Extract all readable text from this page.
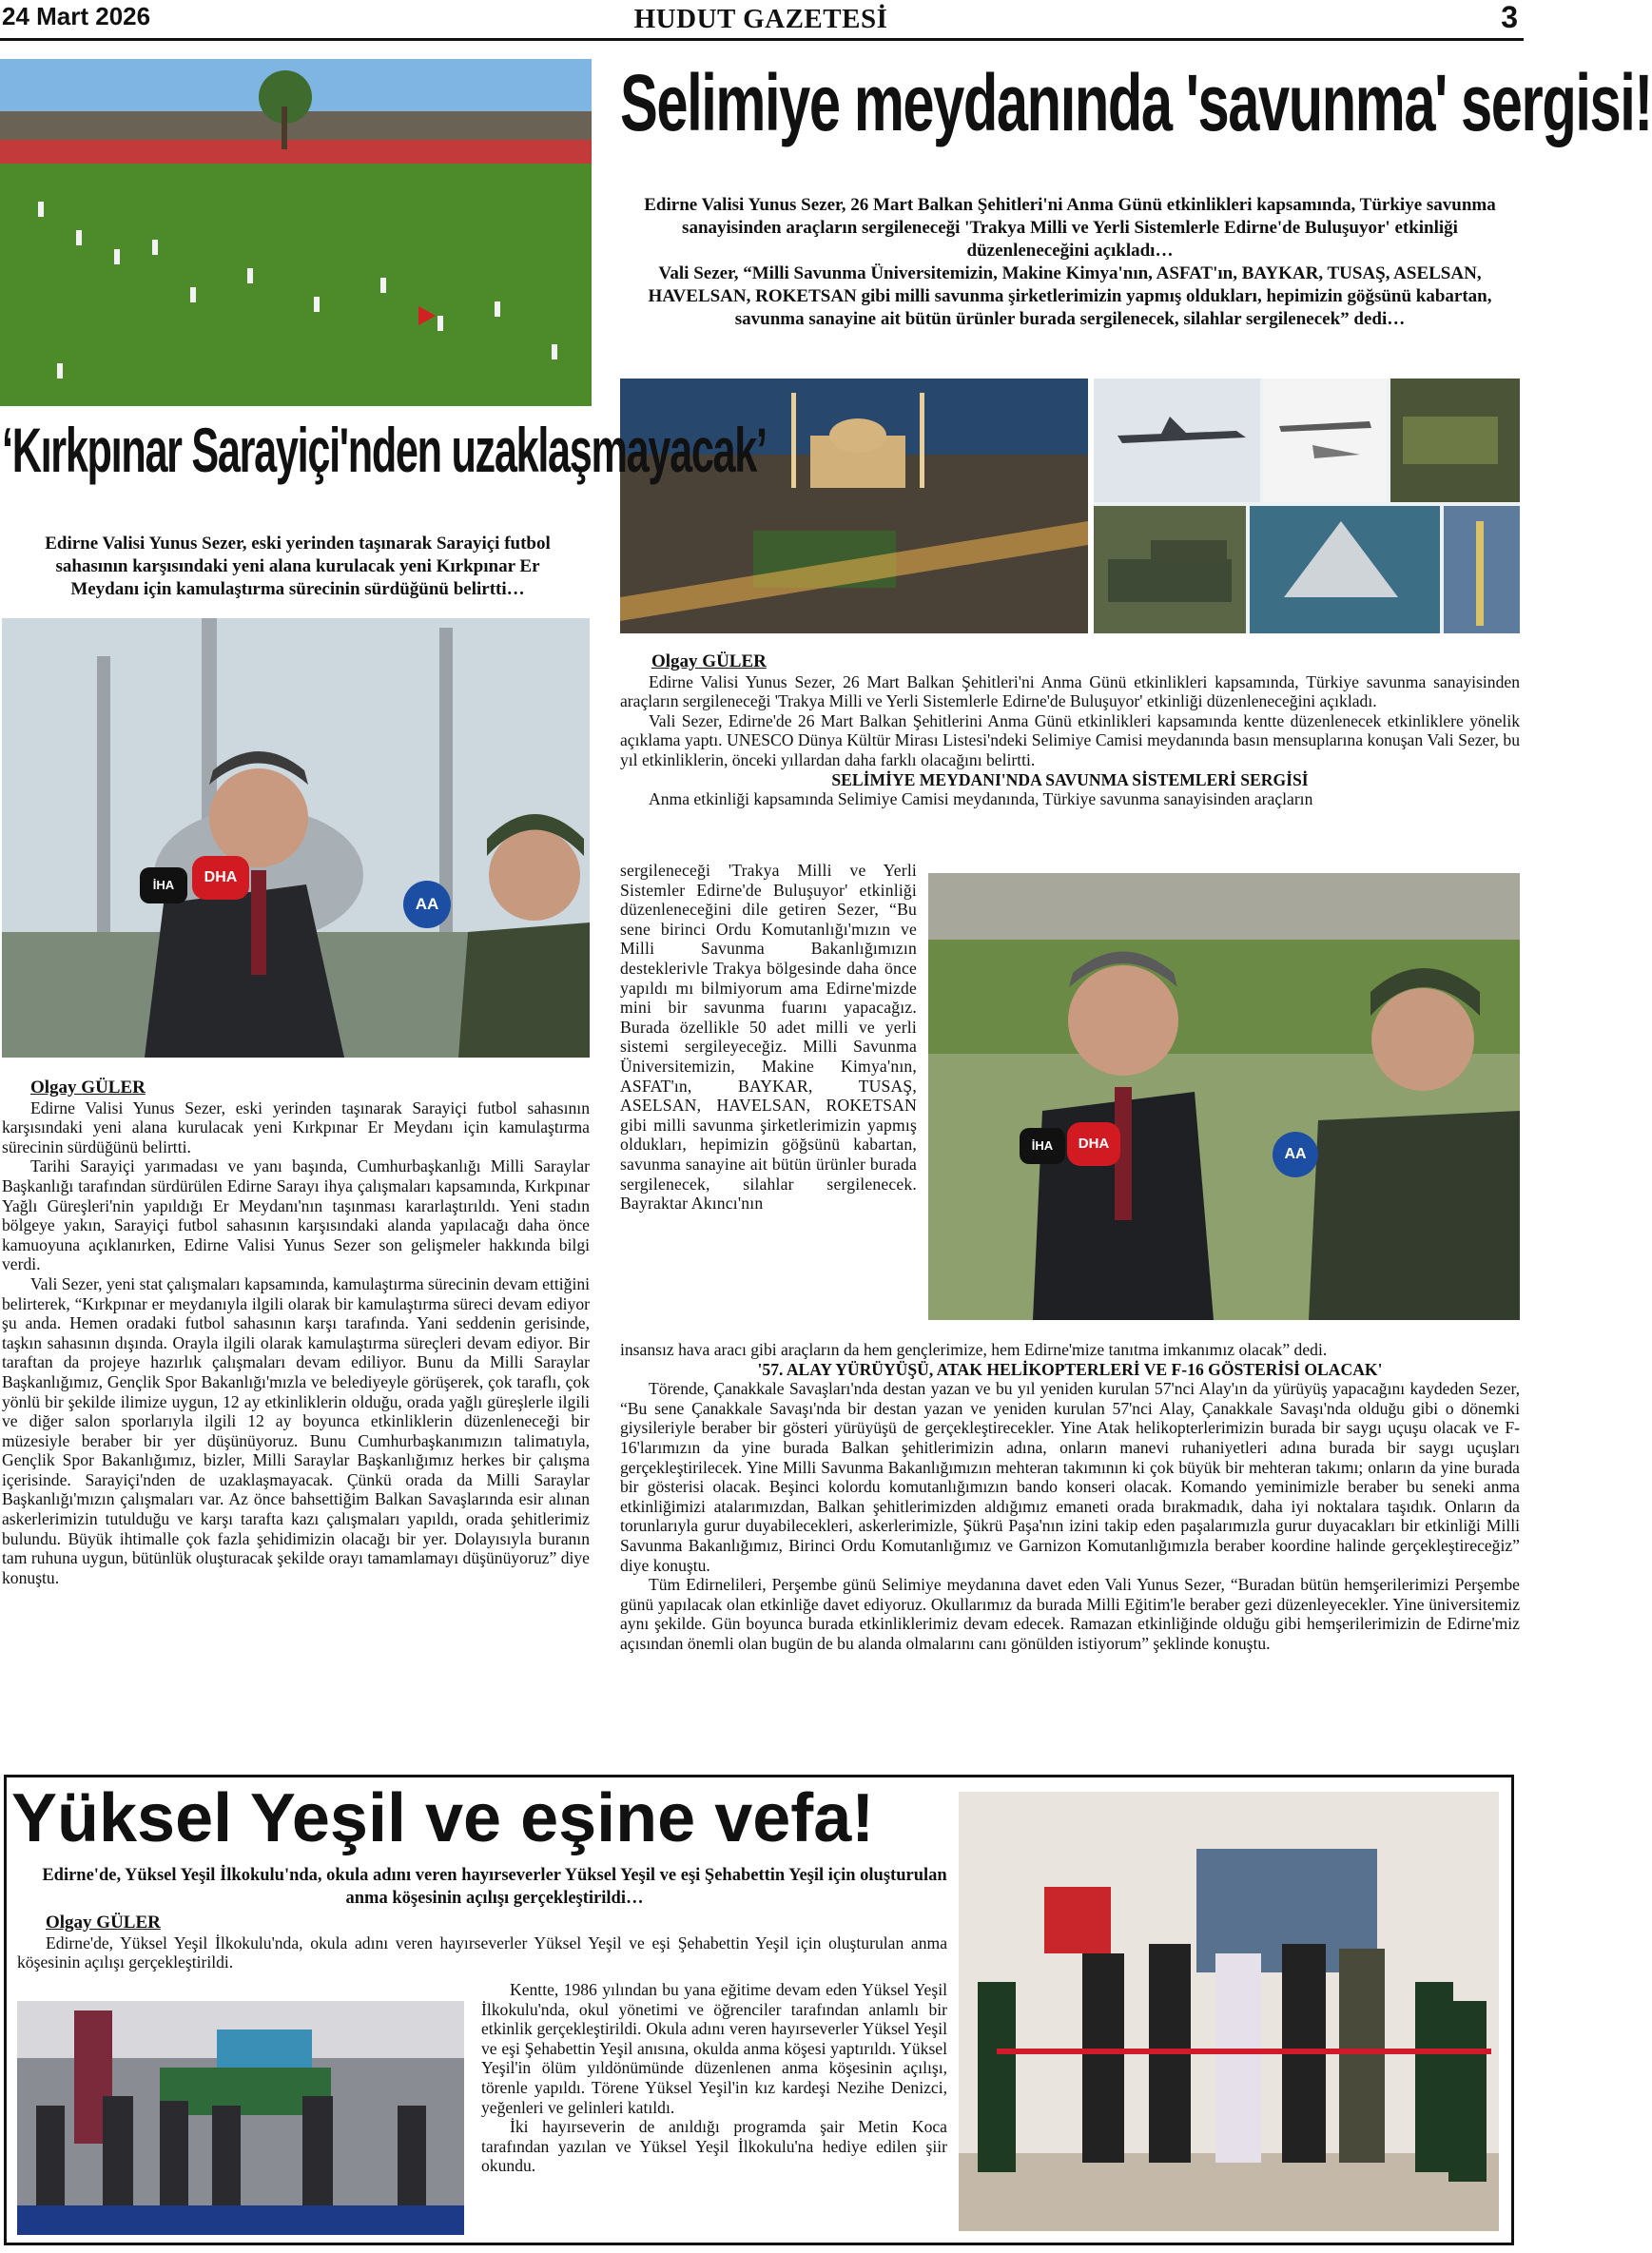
24 Mart 2026	HUDUT GAZETESİ	3
Selimiye meydanında 'savunma' sergisi!
Edirne Valisi Yunus Sezer, 26 Mart Balkan Şehitleri'ni Anma Günü etkinlikleri kapsamında, Türkiye savunma sanayisinden araçların sergileneceği 'Trakya Milli ve Yerli Sistemlerle Edirne'de Buluşuyor' etkinliği düzenleneceğini açıkladı…
Vali Sezer, “Milli Savunma Üniversitemizin, Makine Kimya'nın, ASFAT'ın, BAYKAR, TUSAŞ, ASELSAN, HAVELSAN, ROKETSAN gibi milli savunma şirketlerimizin yapmış oldukları, hepimizin göğsünü kabartan, savunma sanayine ait bütün ürünler burada sergilenecek, silahlar sergilenecek” dedi…
‘Kırkpınar Sarayiçi'nden uzaklaşmayacak’
Edirne Valisi Yunus Sezer, eski yerinden taşınarak Sarayiçi futbol sahasının karşısındaki yeni alana kurulacak yeni Kırkpınar Er Meydanı için kamulaştırma sürecinin sürdüğünü belirtti…
İHA	DHA
AA
Olgay GÜLER

Edirne Valisi Yunus Sezer, eski yerinden taşınarak Sarayiçi futbol sahasının karşısındaki yeni alana kurulacak yeni Kırkpınar Er Meydanı için kamulaştırma sürecinin sürdüğünü belirtti.

Tarihi Sarayiçi yarımadası ve yanı başında, Cumhurbaşkanlığı Milli Saraylar Başkanlığı tarafından sürdürülen Edirne Sarayı ihya çalışmaları kapsamında, Kırkpınar Yağlı Güreşleri'nin yapıldığı Er Meydanı'nın taşınması kararlaştırıldı. Yeni stadın bölgeye yakın, Sarayiçi futbol sahasının karşısındaki alanda yapılacağı daha önce kamuoyuna açıklanırken, Edirne Valisi Yunus Sezer son gelişmeler hakkında bilgi verdi.

Vali Sezer, yeni stat çalışmaları kapsamında, kamulaştırma sürecinin devam ettiğini belirterek, “Kırkpınar er meydanıyla ilgili olarak bir kamulaştırma süreci devam ediyor şu anda. Hemen oradaki futbol sahasının karşı tarafında. Yani seddenin gerisinde, taşkın sahasının dışında. Orayla ilgili olarak kamulaştırma süreçleri devam ediyor. Bir taraftan da projeye hazırlık çalışmaları devam ediliyor. Bunu da Milli Saraylar Başkanlığımız, Gençlik Spor Bakanlığı'mızla ve belediyeyle görüşerek, çok taraflı, çok yönlü bir şekilde ilimize uygun, 12 ay etkinliklerin olduğu, orada yağlı güreşlerle ilgili ve diğer salon sporlarıyla ilgili 12 ay boyunca etkinliklerin düzenleneceği bir müzesiyle beraber bir yer düşünüyoruz. Bunu Cumhurbaşkanımızın talimatıyla, Gençlik Spor Bakanlığımız, bizler, Milli Saraylar Başkanlığımız herkes bir çalışma içerisinde. Sarayiçi'nden de uzaklaşmayacak. Çünkü orada da Milli Saraylar Başkanlığı'mızın çalışmaları var. Az önce bahsettiğim Balkan Savaşlarında esir alınan askerlerimizin tutulduğu ve karşı tarafta kazı çalışmaları yapıldı, orada şehitlerimiz bulundu. Büyük ihtimalle çok fazla şehidimizin olacağı bir yer. Dolayısıyla buranın tam ruhuna uygun, bütünlük oluşturacak şekilde orayı tamamlamayı düşünüyoruz” diye konuştu.

Olgay GÜLER

Edirne Valisi Yunus Sezer, 26 Mart Balkan Şehitleri'ni Anma Günü etkinlikleri kapsamında, Türkiye savunma sanayisinden araçların sergileneceği 'Trakya Milli ve Yerli Sistemlerle Edirne'de Buluşuyor' etkinliği düzenleneceğini açıkladı.

Vali Sezer, Edirne'de 26 Mart Balkan Şehitlerini Anma Günü etkinlikleri kapsamında kentte düzenlenecek etkinliklere yönelik açıklama yaptı. UNESCO Dünya Kültür Mirası Listesi'ndeki Selimiye Camisi meydanında basın mensuplarına konuşan Vali Sezer, bu yıl etkinliklerin, önceki yıllardan daha farklı olacağını belirtti.

SELİMİYE MEYDANI'NDA SAVUNMA SİSTEMLERİ SERGİSİ

Anma etkinliği kapsamında Selimiye Camisi meydanında, Türkiye savunma sanayisinden araçların

sergileneceği 'Trakya Milli ve Yerli Sistemler Edirne'de Buluşuyor' etkinliği düzenleneceğini dile getiren Sezer, “Bu sene birinci Ordu Komutanlığı'mızın ve Milli Savunma Bakanlığımızın desteklerivle Trakya bölgesinde daha önce yapıldı mı bilmiyorum ama Edirne'mizde mini bir savunma fuarını yapacağız. Burada özellikle 50 adet milli ve yerli sistemi sergileyeceğiz. Milli Savunma Üniversitemizin, Makine Kimya'nın, ASFAT'ın, BAYKAR, TUSAŞ, ASELSAN, HAVELSAN, ROKETSAN gibi milli savunma şirketlerimizin yapmış oldukları, hepimizin göğsünü kabartan, savunma sanayine ait bütün ürünler burada sergilenecek, silahlar sergilenecek. Bayraktar Akıncı'nın

İHA	DHA
AA

insansız hava aracı gibi araçların da hem gençlerimize, hem Edirne'mize tanıtma imkanımız olacak” dedi.

'57. ALAY YÜRÜYÜŞÜ, ATAK HELİKOPTERLERİ VE F-16 GÖSTERİSİ OLACAK'

Törende, Çanakkale Savaşları'nda destan yazan ve bu yıl yeniden kurulan 57'nci Alay'ın da yürüyüş yapacağını kaydeden Sezer, “Bu sene Çanakkale Savaşı'nda bir destan yazan ve yeniden kurulan 57'nci Alay, Çanakkale Savaşı'nda olduğu gibi o dönemki giysileriyle beraber bir gösteri yürüyüşü de gerçekleştirecekler. Yine Atak helikopterlerimizin burada bir saygı uçuşu olacak ve F-16'larımızın da yine burada Balkan şehitlerimizin adına, onların manevi ruhaniyetleri adına burada bir saygı uçuşları gerçekleştirilecek. Yine Milli Savunma Bakanlığımızın mehteran takımının ki çok büyük bir mehteran takımı; onların da yine burada bir gösterisi olacak. Beşinci kolordu komutanlığımızın bando konseri olacak. Komando yeminimizle beraber bu seneki anma etkinliğimizi atalarımızdan, Balkan şehitlerimizden aldığımız emaneti orada bırakmadık, daha iyi noktalara taşıdık. Onların da torunlarıyla gurur duyabilecekleri, askerlerimizle, Şükrü Paşa'nın izini takip eden paşalarımızla gurur duyacakları bir etkinliği Milli Savunma Bakanlığımız, Birinci Ordu Komutanlığımız ve Garnizon Komutanlığımızla beraber koordine halinde gerçekleştireceğiz” diye konuştu.

Tüm Edirnelileri, Perşembe günü Selimiye meydanına davet eden Vali Yunus Sezer, “Buradan bütün hemşerilerimizi Perşembe günü yapılacak olan etkinliğe davet ediyoruz. Okullarımız da burada Milli Eğitim'le beraber gezi düzenleyecekler. Yine üniversitemiz aynı şekilde. Gün boyunca burada etkinliklerimiz devam edecek. Ramazan etkinliğinde olduğu gibi hemşerilerimizin de Edirne'miz açısından önemli olan bugün de bu alanda olmalarını canı gönülden istiyorum” şeklinde konuştu.

Yüksel Yeşil ve eşine vefa!
Edirne'de, Yüksel Yeşil İlkokulu'nda, okula adını veren hayırseverler Yüksel Yeşil ve eşi Şehabettin Yeşil için oluşturulan anma köşesinin açılışı gerçekleştirildi…
Olgay GÜLER

Edirne'de, Yüksel Yeşil İlkokulu'nda, okula adını veren hayırseverler Yüksel Yeşil ve eşi Şehabettin Yeşil için oluşturulan anma köşesinin açılışı gerçekleştirildi.

Kentte, 1986 yılından bu yana eğitime devam eden Yüksel Yeşil İlkokulu'nda, okul yönetimi ve öğrenciler tarafından anlamlı bir etkinlik gerçekleştirildi. Okula adını veren hayırseverler Yüksel Yeşil ve eşi Şehabettin Yeşil anısına, okulda anma köşesi yaptırıldı. Yüksel Yeşil'in ölüm yıldönümünde düzenlenen anma köşesinin açılışı, törenle yapıldı. Törene Yüksel Yeşil'in kız kardeşi Nezihe Denizci, yeğenleri ve gelinleri katıldı.

İki hayırseverin de anıldığı programda şair Metin Koca tarafından yazılan ve Yüksel Yeşil İlkokulu'na hediye edilen şiir okundu.
